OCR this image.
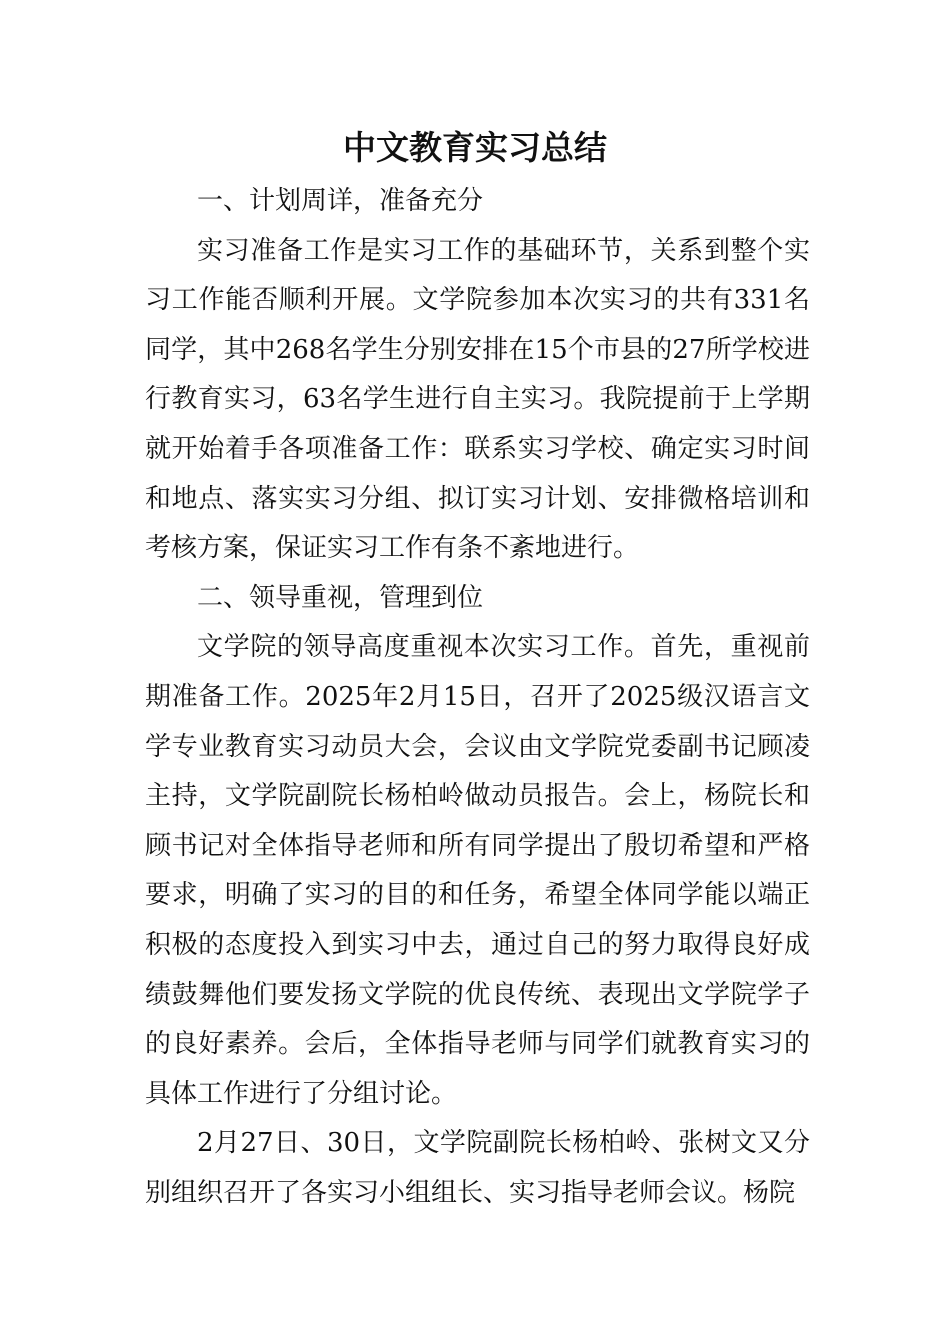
中文教育实习总结

一、计划周详，准备充分

实习准备工作是实习工作的基础环节，关系到整个实习工作能否顺利开展。文学院参加本次实习的共有331名同学，其中268名学生分别安排在15个市县的27所学校进行教育实习，63名学生进行自主实习。我院提前于上学期就开始着手各项准备工作：联系实习学校、确定实习时间和地点、落实实习分组、拟订实习计划、安排微格培训和考核方案，保证实习工作有条不紊地进行。

二、领导重视，管理到位

文学院的领导高度重视本次实习工作。首先，重视前期准备工作。2025年2月15日，召开了2025级汉语言文学专业教育实习动员大会，会议由文学院党委副书记顾凌主持，文学院副院长杨柏岭做动员报告。会上，杨院长和顾书记对全体指导老师和所有同学提出了殷切希望和严格要求，明确了实习的目的和任务，希望全体同学能以端正积极的态度投入到实习中去，通过自己的努力取得良好成绩鼓舞他们要发扬文学院的优良传统、表现出文学院学子的良好素养。会后，全体指导老师与同学们就教育实习的具体工作进行了分组讨论。

2月27日、30日，文学院副院长杨柏岭、张树文又分别组织召开了各实习小组组长、实习指导老师会议。杨院
